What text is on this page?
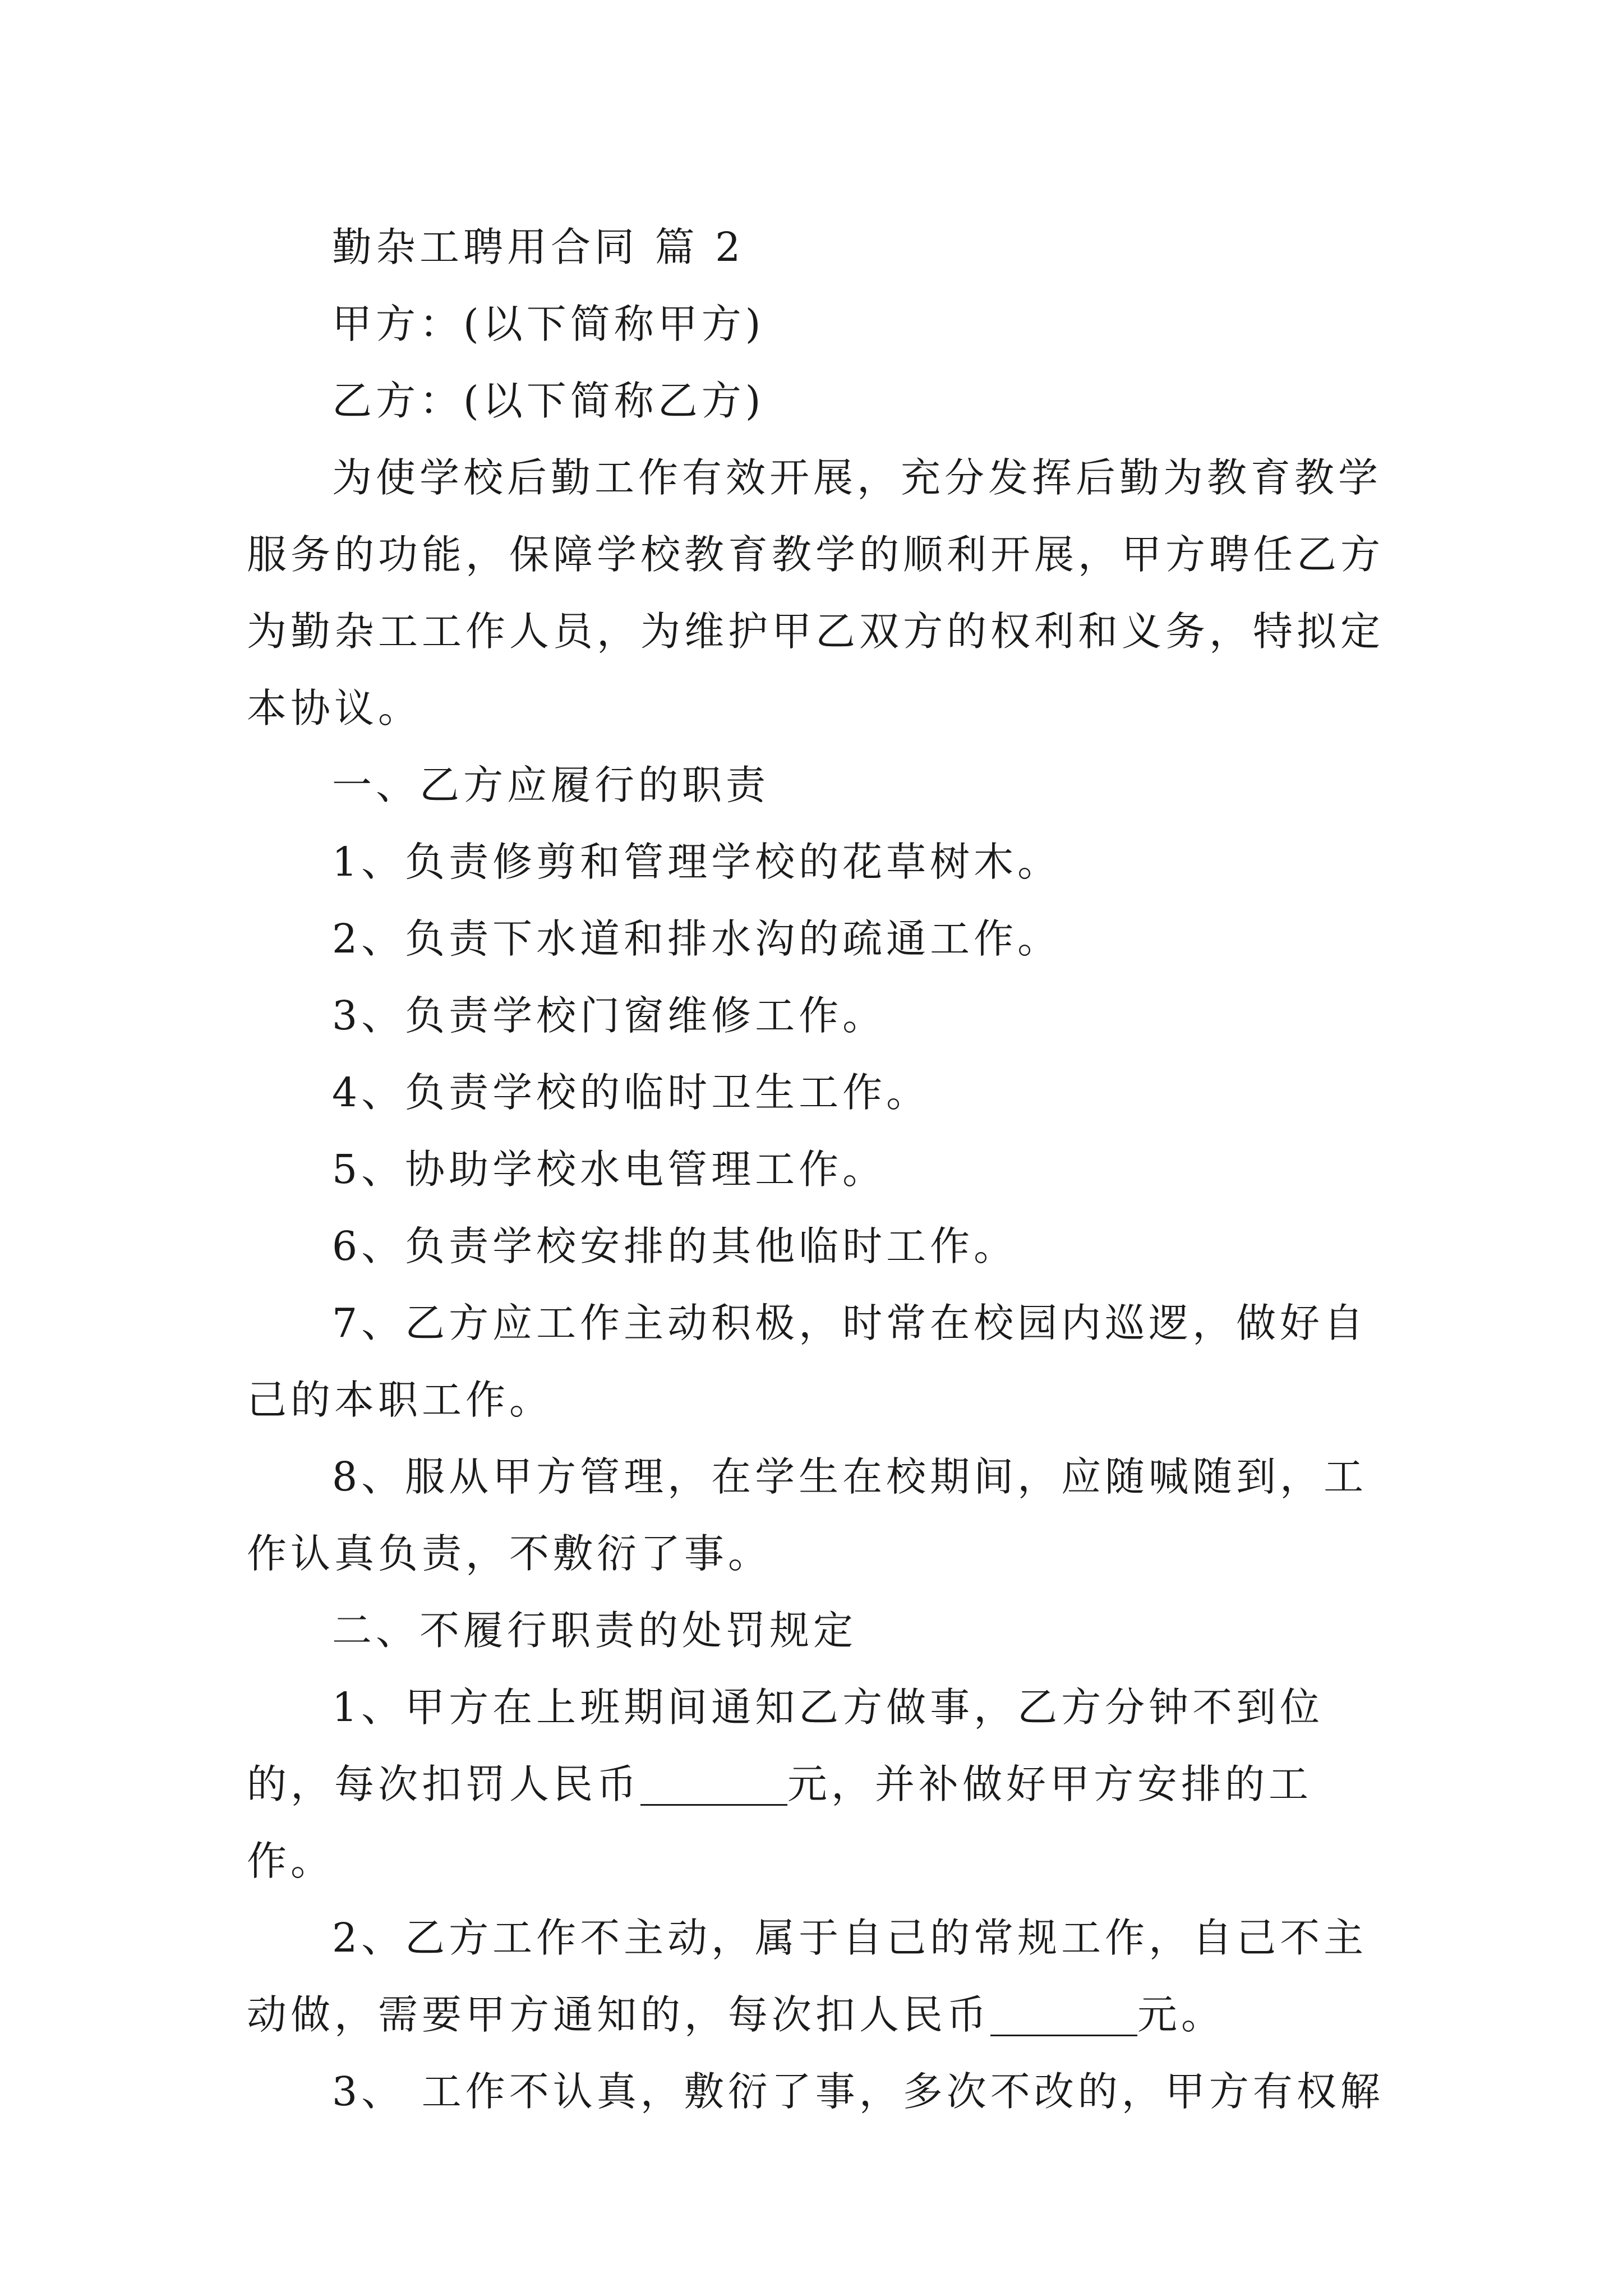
勤杂工聘用合同 篇 2

甲方：(以下简称甲方)

乙方：(以下简称乙方)

为使学校后勤工作有效开展，充分发挥后勤为教育教学服务的功能，保障学校教育教学的顺利开展，甲方聘任乙方为勤杂工工作人员，为维护甲乙双方的权利和义务，特拟定本协议。

一、乙方应履行的职责

1、负责修剪和管理学校的花草树木。

2、负责下水道和排水沟的疏通工作。

3、负责学校门窗维修工作。

4、负责学校的临时卫生工作。

5、协助学校水电管理工作。

6、负责学校安排的其他临时工作。

7、乙方应工作主动积极，时常在校园内巡逻，做好自己的本职工作。

8、服从甲方管理，在学生在校期间，应随喊随到，工作认真负责，不敷衍了事。

二、不履行职责的处罚规定

1、甲方在上班期间通知乙方做事，乙方分钟不到位的，每次扣罚人民币	元，并补做好甲方安排的工作。

2、乙方工作不主动，属于自己的常规工作，自己不主动做，需要甲方通知的，每次扣人民币	元。

3、 工作不认真，敷衍了事，多次不改的，甲方有权解
